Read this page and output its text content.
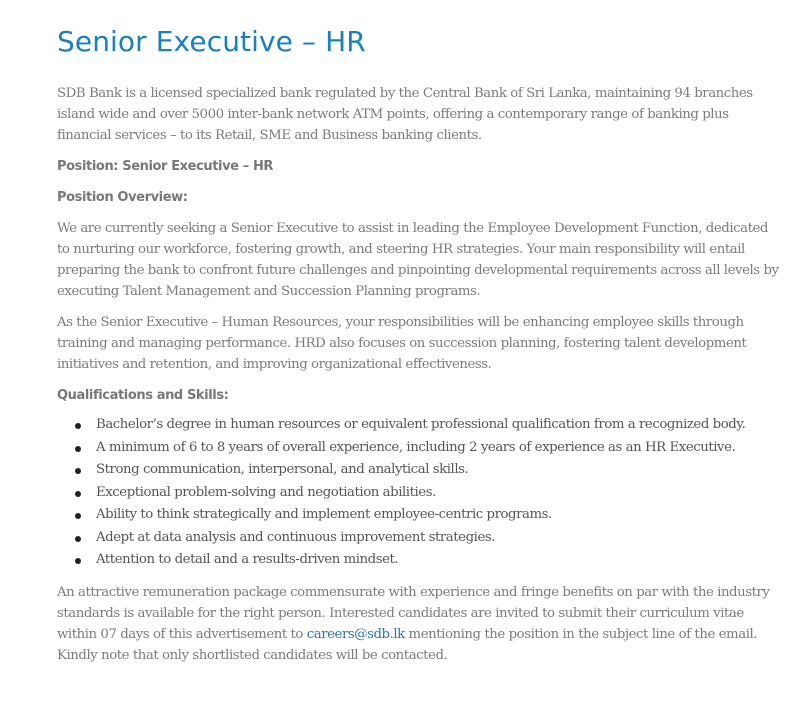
Senior Executive – HR

SDB Bank is a licensed specialized bank regulated by the Central Bank of Sri Lanka, maintaining 94 branches island wide and over 5000 inter-bank network ATM points, offering a contemporary range of banking plus financial services – to its Retail, SME and Business banking clients.

Position: Senior Executive – HR
Position Overview:

We are currently seeking a Senior Executive to assist in leading the Employee Development Function, dedicated to nurturing our workforce, fostering growth, and steering HR strategies. Your main responsibility will entail preparing the bank to confront future challenges and pinpointing developmental requirements across all levels by executing Talent Management and Succession Planning programs.

As the Senior Executive – Human Resources, your responsibilities will be enhancing employee skills through training and managing performance. HRD also focuses on succession planning, fostering talent development initiatives and retention, and improving organizational effectiveness.

Qualifications and Skills:
Bachelor’s degree in human resources or equivalent professional qualification from a recognized body.
A minimum of 6 to 8 years of overall experience, including 2 years of experience as an HR Executive.
Strong communication, interpersonal, and analytical skills.
Exceptional problem-solving and negotiation abilities.
Ability to think strategically and implement employee-centric programs.
Adept at data analysis and continuous improvement strategies.
Attention to detail and a results-driven mindset.

An attractive remuneration package commensurate with experience and fringe benefits on par with the industry standards is available for the right person. Interested candidates are invited to submit their curriculum vitae within 07 days of this advertisement to careers@sdb.lk mentioning the position in the subject line of the email. Kindly note that only shortlisted candidates will be contacted.
